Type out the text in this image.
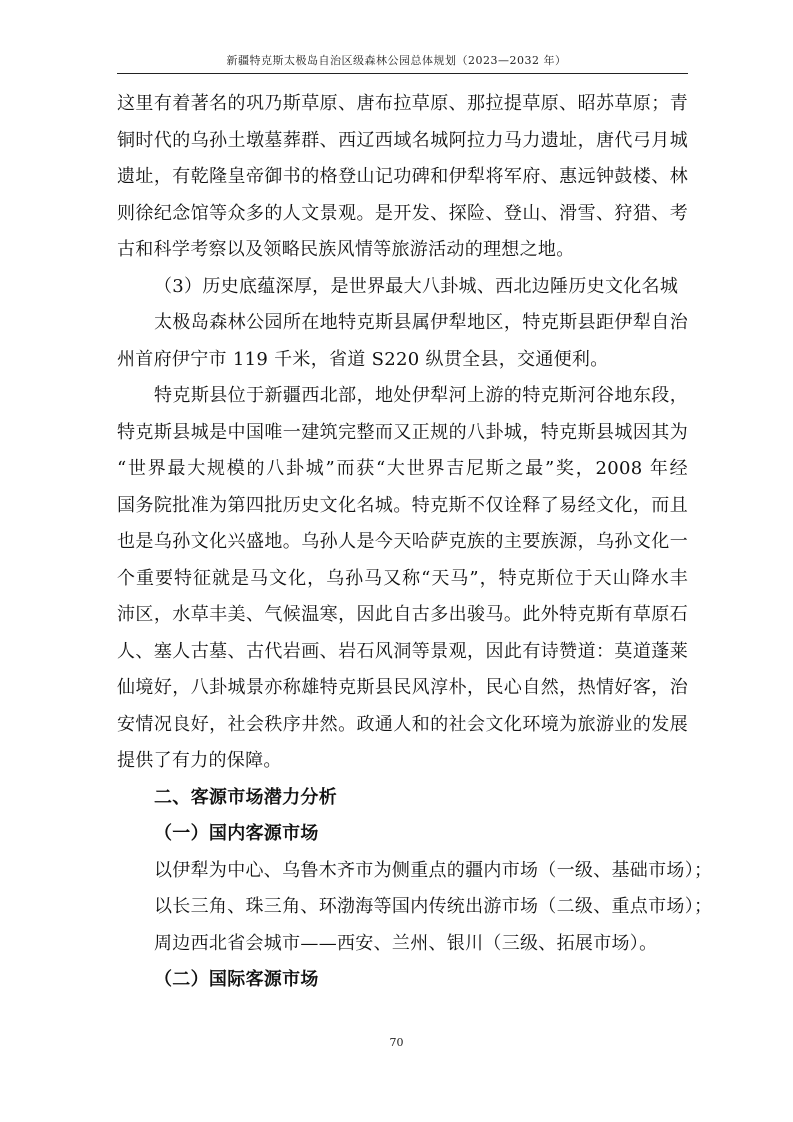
新疆特克斯太极岛自治区级森林公园总体规划（2023—2032 年）
这里有着著名的巩乃斯草原、唐布拉草原、那拉提草原、昭苏草原；青
铜时代的乌孙土墩墓葬群、西辽西域名城阿拉力马力遗址，唐代弓月城
遗址，有乾隆皇帝御书的格登山记功碑和伊犁将军府、惠远钟鼓楼、林
则徐纪念馆等众多的人文景观。是开发、探险、登山、滑雪、狩猎、考
古和科学考察以及领略民族风情等旅游活动的理想之地。
（3）历史底蕴深厚，是世界最大八卦城、西北边陲历史文化名城
太极岛森林公园所在地特克斯县属伊犁地区，特克斯县距伊犁自治
州首府伊宁市 119 千米，省道 S220 纵贯全县，交通便利。
特克斯县位于新疆西北部，地处伊犁河上游的特克斯河谷地东段，
特克斯县城是中国唯一建筑完整而又正规的八卦城，特克斯县城因其为
“世界最大规模的八卦城”而获“大世界吉尼斯之最”奖，2008 年经
国务院批准为第四批历史文化名城。特克斯不仅诠释了易经文化，而且
也是乌孙文化兴盛地。乌孙人是今天哈萨克族的主要族源，乌孙文化一
个重要特征就是马文化，乌孙马又称“天马”，特克斯位于天山降水丰
沛区，水草丰美、气候温寒，因此自古多出骏马。此外特克斯有草原石
人、塞人古墓、古代岩画、岩石风洞等景观，因此有诗赞道：莫道蓬莱
仙境好，八卦城景亦称雄特克斯县民风淳朴，民心自然，热情好客，治
安情况良好，社会秩序井然。政通人和的社会文化环境为旅游业的发展
提供了有力的保障。
二、客源市场潜力分析
（一）国内客源市场
以伊犁为中心、乌鲁木齐市为侧重点的疆内市场（一级、基础市场）；
以长三角、珠三角、环渤海等国内传统出游市场（二级、重点市场）；
周边西北省会城市——西安、兰州、银川（三级、拓展市场）。
（二）国际客源市场
70
